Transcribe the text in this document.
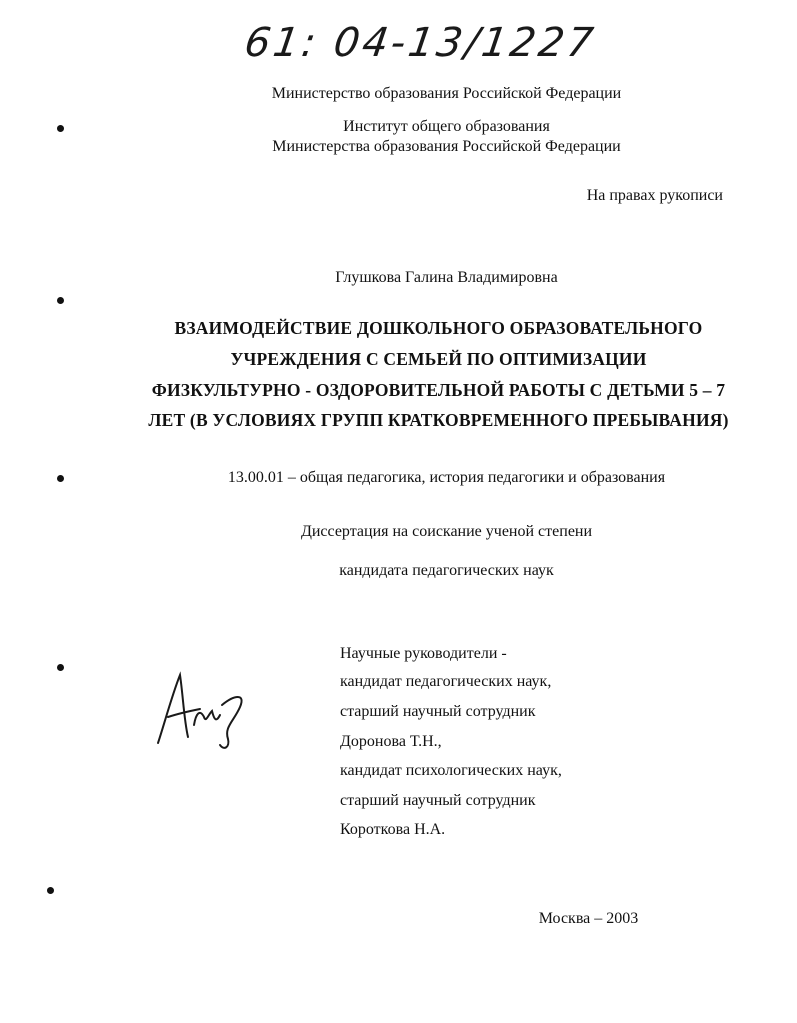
61: 04-13/1227
Министерство образования Российской Федерации
Институт общего образования
Министерства образования Российской Федерации
На правах рукописи
Глушкова Галина Владимировна
ВЗАИМОДЕЙСТВИЕ ДОШКОЛЬНОГО ОБРАЗОВАТЕЛЬНОГО
УЧРЕЖДЕНИЯ С СЕМЬЕЙ ПО ОПТИМИЗАЦИИ
ФИЗКУЛЬТУРНО - ОЗДОРОВИТЕЛЬНОЙ РАБОТЫ С ДЕТЬМИ 5 – 7
ЛЕТ (В УСЛОВИЯХ ГРУПП КРАТКОВРЕМЕННОГО ПРЕБЫВАНИЯ)
13.00.01 – общая педагогика, история педагогики и образования
Диссертация на соискание ученой степени
кандидата педагогических наук
Научные руководители -
кандидат педагогических наук,
старший научный сотрудник
Доронова Т.Н.,
кандидат психологических наук,
старший научный сотрудник
Короткова Н.А.
Москва – 2003
